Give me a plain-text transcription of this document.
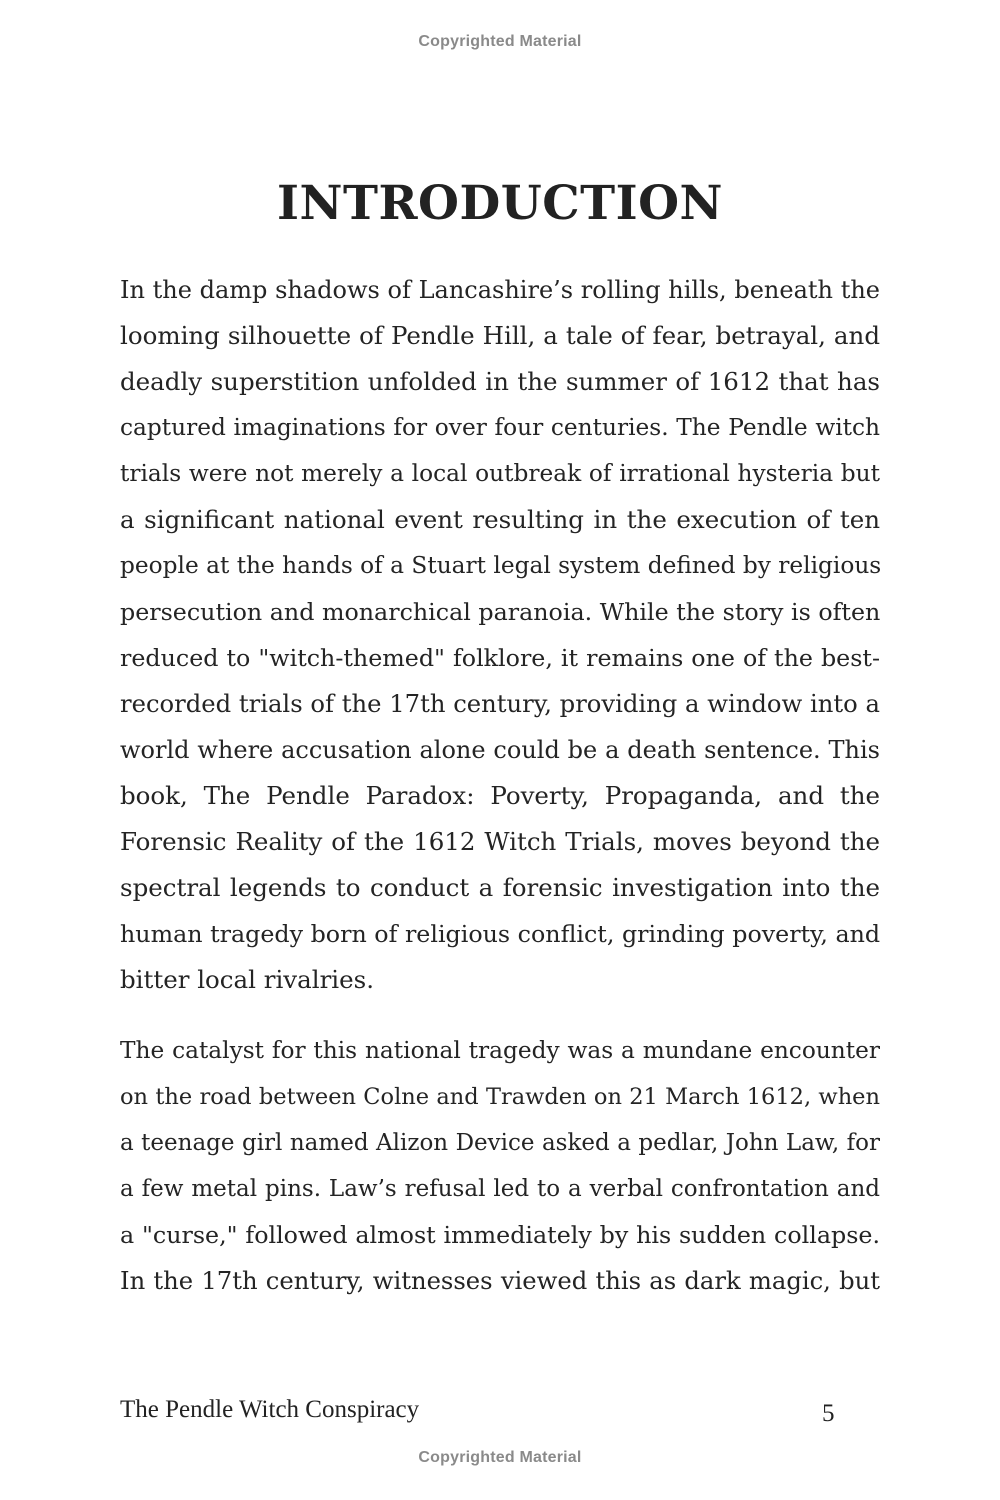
Copyrighted Material
INTRODUCTION

In the damp shadows of Lancashire’s rolling hills, beneath the
looming silhouette of Pendle Hill, a tale of fear, betrayal, and
deadly superstition unfolded in the summer of 1612 that has
captured imaginations for over four centuries. The Pendle witch
trials were not merely a local outbreak of irrational hysteria but
a significant national event resulting in the execution of ten
people at the hands of a Stuart legal system defined by religious
persecution and monarchical paranoia. While the story is often
reduced to "witch-themed" folklore, it remains one of the best-
recorded trials of the 17th century, providing a window into a
world where accusation alone could be a death sentence. This
book, The Pendle Paradox: Poverty, Propaganda, and the
Forensic Reality of the 1612 Witch Trials, moves beyond the
spectral legends to conduct a forensic investigation into the
human tragedy born of religious conflict, grinding poverty, and
bitter local rivalries.

The catalyst for this national tragedy was a mundane encounter
on the road between Colne and Trawden on 21 March 1612, when
a teenage girl named Alizon Device asked a pedlar, John Law, for
a few metal pins. Law’s refusal led to a verbal confrontation and
a "curse," followed almost immediately by his sudden collapse.
In the 17th century, witnesses viewed this as dark magic, but

The Pendle Witch Conspiracy	5
Copyrighted Material
